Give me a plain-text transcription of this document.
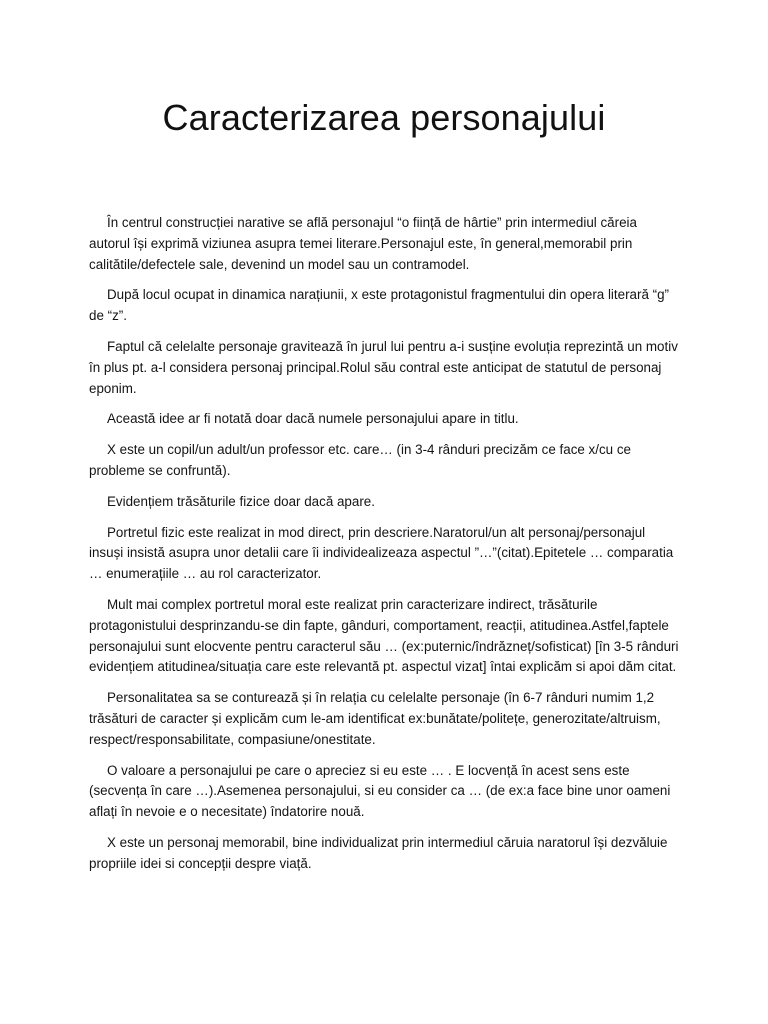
Caracterizarea personajului

În centrul construcției narative se află personajul “o ființă de hârtie” prin intermediul căreia autorul își exprimă viziunea asupra temei literare.Personajul este, în general,memorabil prin calitătile/defectele sale, devenind un model sau un contramodel.

După locul ocupat in dinamica narațiunii, x este protagonistul fragmentului din opera literară “g” de “z”.

Faptul că celelalte personaje gravitează în jurul lui pentru a-i susține evoluția reprezintă un motiv în plus pt. a-l considera personaj principal.Rolul său contral este anticipat de statutul de personaj eponim.

Această idee ar fi notată doar dacă numele personajului apare in titlu.

X este un copil/un adult/un professor etc. care… (in 3-4 rânduri precizăm ce face x/cu ce probleme se confruntă).

Evidențiem trăsăturile fizice doar dacă apare.

Portretul fizic este realizat in mod direct, prin descriere.Naratorul/un alt personaj/personajul insuși insistă asupra unor detalii care îi individealizeaza aspectul ”…”(citat).Epitetele … comparatia … enumerațiile … au rol caracterizator.

Mult mai complex portretul moral este realizat prin caracterizare indirect, trăsăturile protagonistului desprinzandu-se din fapte, gânduri, comportament, reacții, atitudinea.Astfel,faptele personajului sunt elocvente pentru caracterul său … (ex:puternic/îndrăzneț/sofisticat) [în 3-5 rânduri evidențiem atitudinea/situația care este relevantă pt. aspectul vizat] întai explicăm si apoi dăm citat.

Personalitatea sa se conturează și în relația cu celelalte personaje (în 6-7 rânduri numim 1,2 trăsături de caracter și explicăm cum le-am identificat ex:bunătate/politețe, generozitate/altruism, respect/responsabilitate, compasiune/onestitate.

O valoare a personajului pe care o apreciez si eu este … . E locvență în acest sens este (secvența în care …).Asemenea personajului, si eu consider ca … (de ex:a face bine unor oameni aflați în nevoie e o necesitate) îndatorire nouă.

X este un personaj memorabil, bine individualizat prin intermediul căruia naratorul își dezvăluie propriile idei si concepții despre viață.
